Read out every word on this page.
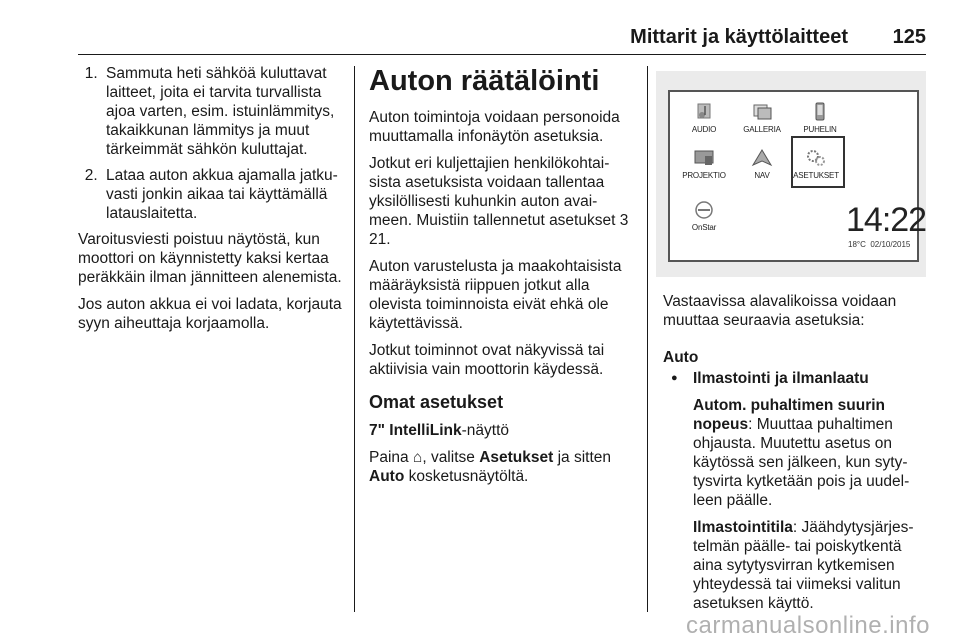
Mittarit ja käyttölaitteet 125
1. Sammuta heti sähköä kuluttavat laitteet, joita ei tarvita turvallista ajoa varten, esim. istuinlämmitys, takaikkunan lämmitys ja muut tärkeimmät sähkön kuluttajat.
2. Lataa auton akkua ajamalla jatkuvasti jonkin aikaa tai käyttämällä latauslaitetta.

Varoitusviesti poistuu näytöstä, kun moottori on käynnistetty kaksi kertaa peräkkäin ilman jännitteen alenemista.

Jos auton akkua ei voi ladata, korjauta syyn aiheuttaja korjaamolla.

Auton räätälöinti

Auton toimintoja voidaan personoida muuttamalla infonäytön asetuksia.

Jotkut eri kuljettajien henkilökohtaisista asetuksista voidaan tallentaa yksilöllisesti kuhunkin auton avaimeen. Muistiin tallennetut asetukset 3 21.

Auton varustelusta ja maakohtaisista määräyksistä riippuen jotkut alla olevista toiminnoista eivät ehkä ole käytettävissä.

Jotkut toiminnot ovat näkyvissä tai aktiivisia vain moottorin käydessä.

Omat asetukset

7" IntelliLink-näyttö

Paina ⌂, valitse Asetukset ja sitten
Auto kosketusnäytöltä.

AUDIO	GALLERIA	PUHELIN
PROJEKTIO	NAV	ASETUKSET
OnStar	14:22
18°C 02/10/2015

Vastaavissa alavalikoissa voidaan muuttaa seuraavia asetuksia:

Auto
● Ilmastointi ja ilmanlaatu

Autom. puhaltimen suurin nopeus: Muuttaa puhaltimen ohjausta. Muutettu asetus on käytössä sen jälkeen, kun sytytysvirta kytketään pois ja uudelleen päälle.

Ilmastointitila: Jäähdytysjärjestelmän päälle- tai poiskytkentä aina sytytysvirran kytkemisen yhteydessä tai viimeksi valitun asetuksen käyttö.

carmanualsonline.info
